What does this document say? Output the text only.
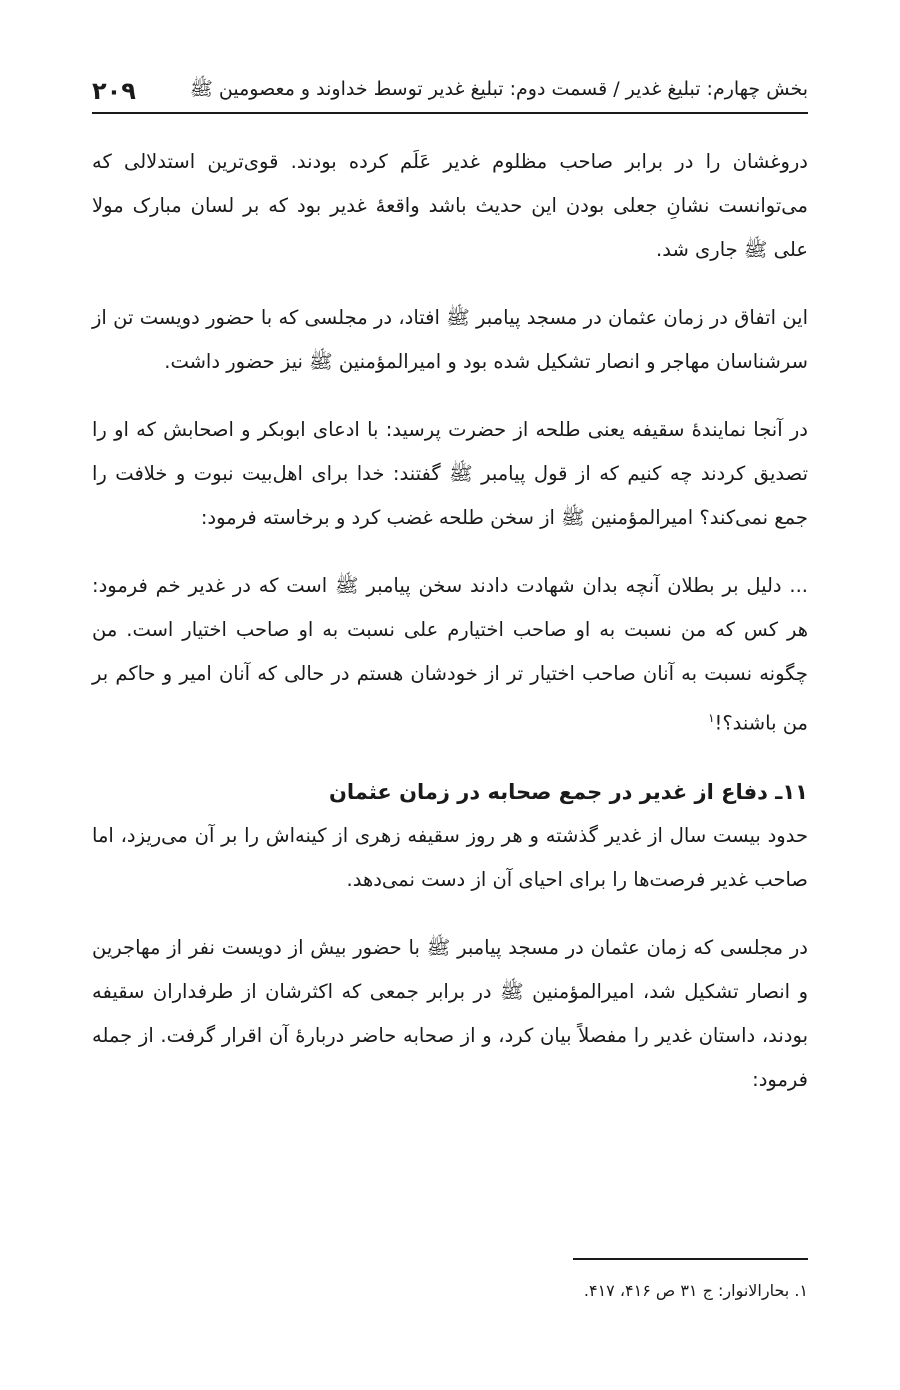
بخش چهارم: تبلیغ غدیر / قسمت دوم: تبلیغ غدیر توسط خداوند و معصومین ﷺ
۲۰۹

دروغشان را در برابر صاحب مظلوم غدیر عَلَم کرده بودند. قوی‌ترین استدلالی که می‌توانست نشانِ جعلی بودن این حدیث باشد واقعهٔ غدیر بود که بر لسان مبارک مولا علی ﷺ جاری شد.

این اتفاق در زمان عثمان در مسجد پیامبر ﷺ افتاد، در مجلسی که با حضور دویست تن از سرشناسان مهاجر و انصار تشکیل شده بود و امیرالمؤمنین ﷺ نیز حضور داشت.

در آنجا نمایندهٔ سقیفه یعنی طلحه از حضرت پرسید: با ادعای ابوبکر و اصحابش که او را تصدیق کردند چه کنیم که از قول پیامبر ﷺ گفتند: خدا برای اهل‌بیت نبوت و خلافت را جمع نمی‌کند؟ امیرالمؤمنین ﷺ از سخن طلحه غضب کرد و برخاسته فرمود:

... دلیل بر بطلان آنچه بدان شهادت دادند سخن پیامبر ﷺ است که در غدیر خم فرمود: هر کس که من نسبت به او صاحب اختیارم علی نسبت به او صاحب اختیار است. من چگونه نسبت به آنان صاحب اختیار تر از خودشان هستم در حالی که آنان امیر و حاکم بر من باشند؟!$^۱$

۱۱ـ دفاع از غدیر در جمع صحابه در زمان عثمان

حدود بیست سال از غدیر گذشته و هر روز سقیفه زهری از کینه‌اش را بر آن می‌ریزد، اما صاحب غدیر فرصت‌ها را برای احیای آن از دست نمی‌دهد.

در مجلسی که زمان عثمان در مسجد پیامبر ﷺ با حضور بیش از دویست نفر از مهاجرین و انصار تشکیل شد، امیرالمؤمنین ﷺ در برابر جمعی که اکثرشان از طرفداران سقیفه بودند، داستان غدیر را مفصلاً بیان کرد، و از صحابه حاضر دربارهٔ آن اقرار گرفت. از جمله فرمود:

۱. بحارالانوار: ج ۳۱ ص ۴۱۶، ۴۱۷.
